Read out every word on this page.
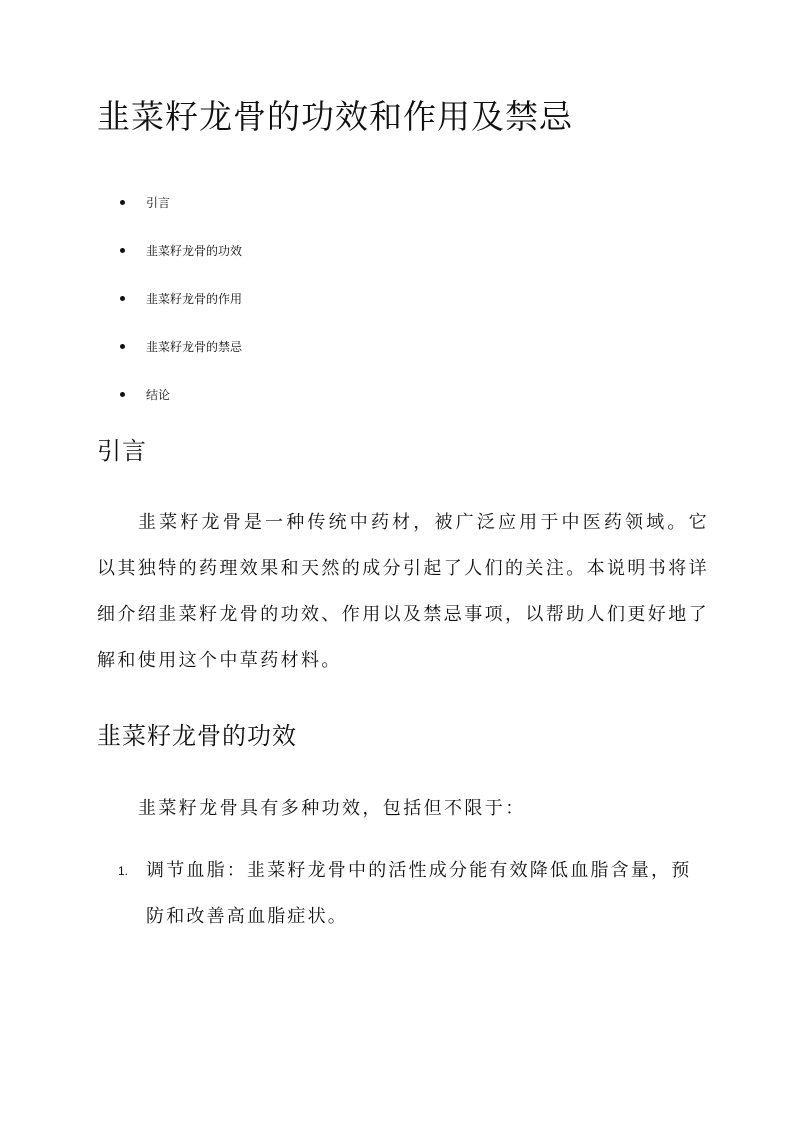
韭菜籽龙骨的功效和作用及禁忌
引言
韭菜籽龙骨的功效
韭菜籽龙骨的作用
韭菜籽龙骨的禁忌
结论
引言

韭菜籽龙骨是一种传统中药材，被广泛应用于中医药领域。它以其独特的药理效果和天然的成分引起了人们的关注。本说明书将详细介绍韭菜籽龙骨的功效、作用以及禁忌事项，以帮助人们更好地了解和使用这个中草药材料。

韭菜籽龙骨的功效

韭菜籽龙骨具有多种功效，包括但不限于：

1. 调节血脂：韭菜籽龙骨中的活性成分能有效降低血脂含量，预防和改善高血脂症状。
